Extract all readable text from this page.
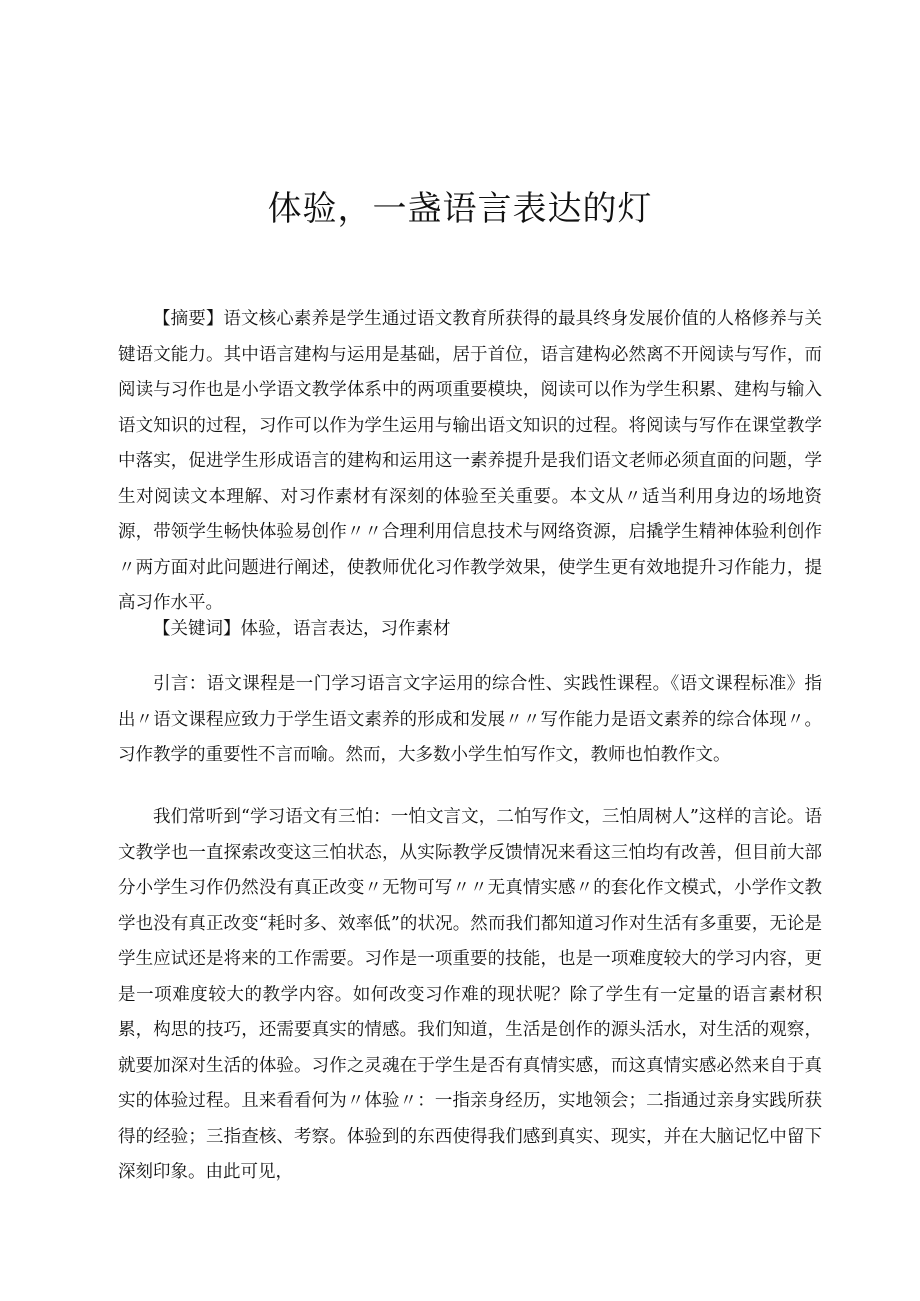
体验，一盏语言表达的灯

【摘要】语文核心素养是学生通过语文教育所获得的最具终身发展价值的人格修养与关键语文能力。其中语言建构与运用是基础，居于首位，语言建构必然离不开阅读与写作，而阅读与习作也是小学语文教学体系中的两项重要模块，阅读可以作为学生积累、建构与输入语文知识的过程，习作可以作为学生运用与输出语文知识的过程。将阅读与写作在课堂教学中落实，促进学生形成语言的建构和运用这一素养提升是我们语文老师必须直面的问题，学生对阅读文本理解、对习作素材有深刻的体验至关重要。本文从〃适当利用身边的场地资源，带领学生畅快体验易创作〃〃合理利用信息技术与网络资源，启撬学生精神体验利创作〃两方面对此问题进行阐述，使教师优化习作教学效果，使学生更有效地提升习作能力，提高习作水平。

【关键词】体验，语言表达，习作素材

引言：语文课程是一门学习语言文字运用的综合性、实践性课程。《语文课程标准》指出〃语文课程应致力于学生语文素养的形成和发展〃〃写作能力是语文素养的综合体现〃。习作教学的重要性不言而喻。然而，大多数小学生怕写作文，教师也怕教作文。

我们常听到“学习语文有三怕：一怕文言文，二怕写作文，三怕周树人”这样的言论。语文教学也一直探索改变这三怕状态，从实际教学反馈情况来看这三怕均有改善，但目前大部分小学生习作仍然没有真正改变〃无物可写〃〃无真情实感〃的套化作文模式，小学作文教学也没有真正改变“耗时多、效率低”的状况。然而我们都知道习作对生活有多重要，无论是学生应试还是将来的工作需要。习作是一项重要的技能，也是一项难度较大的学习内容，更是一项难度较大的教学内容。如何改变习作难的现状呢？除了学生有一定量的语言素材积累，构思的技巧，还需要真实的情感。我们知道，生活是创作的源头活水，对生活的观察，就要加深对生活的体验。习作之灵魂在于学生是否有真情实感，而这真情实感必然来自于真实的体验过程。且来看看何为〃体验〃：一指亲身经历，实地领会；二指通过亲身实践所获得的经验；三指查核、考察。体验到的东西使得我们感到真实、现实，并在大脑记忆中留下深刻印象。由此可见，
